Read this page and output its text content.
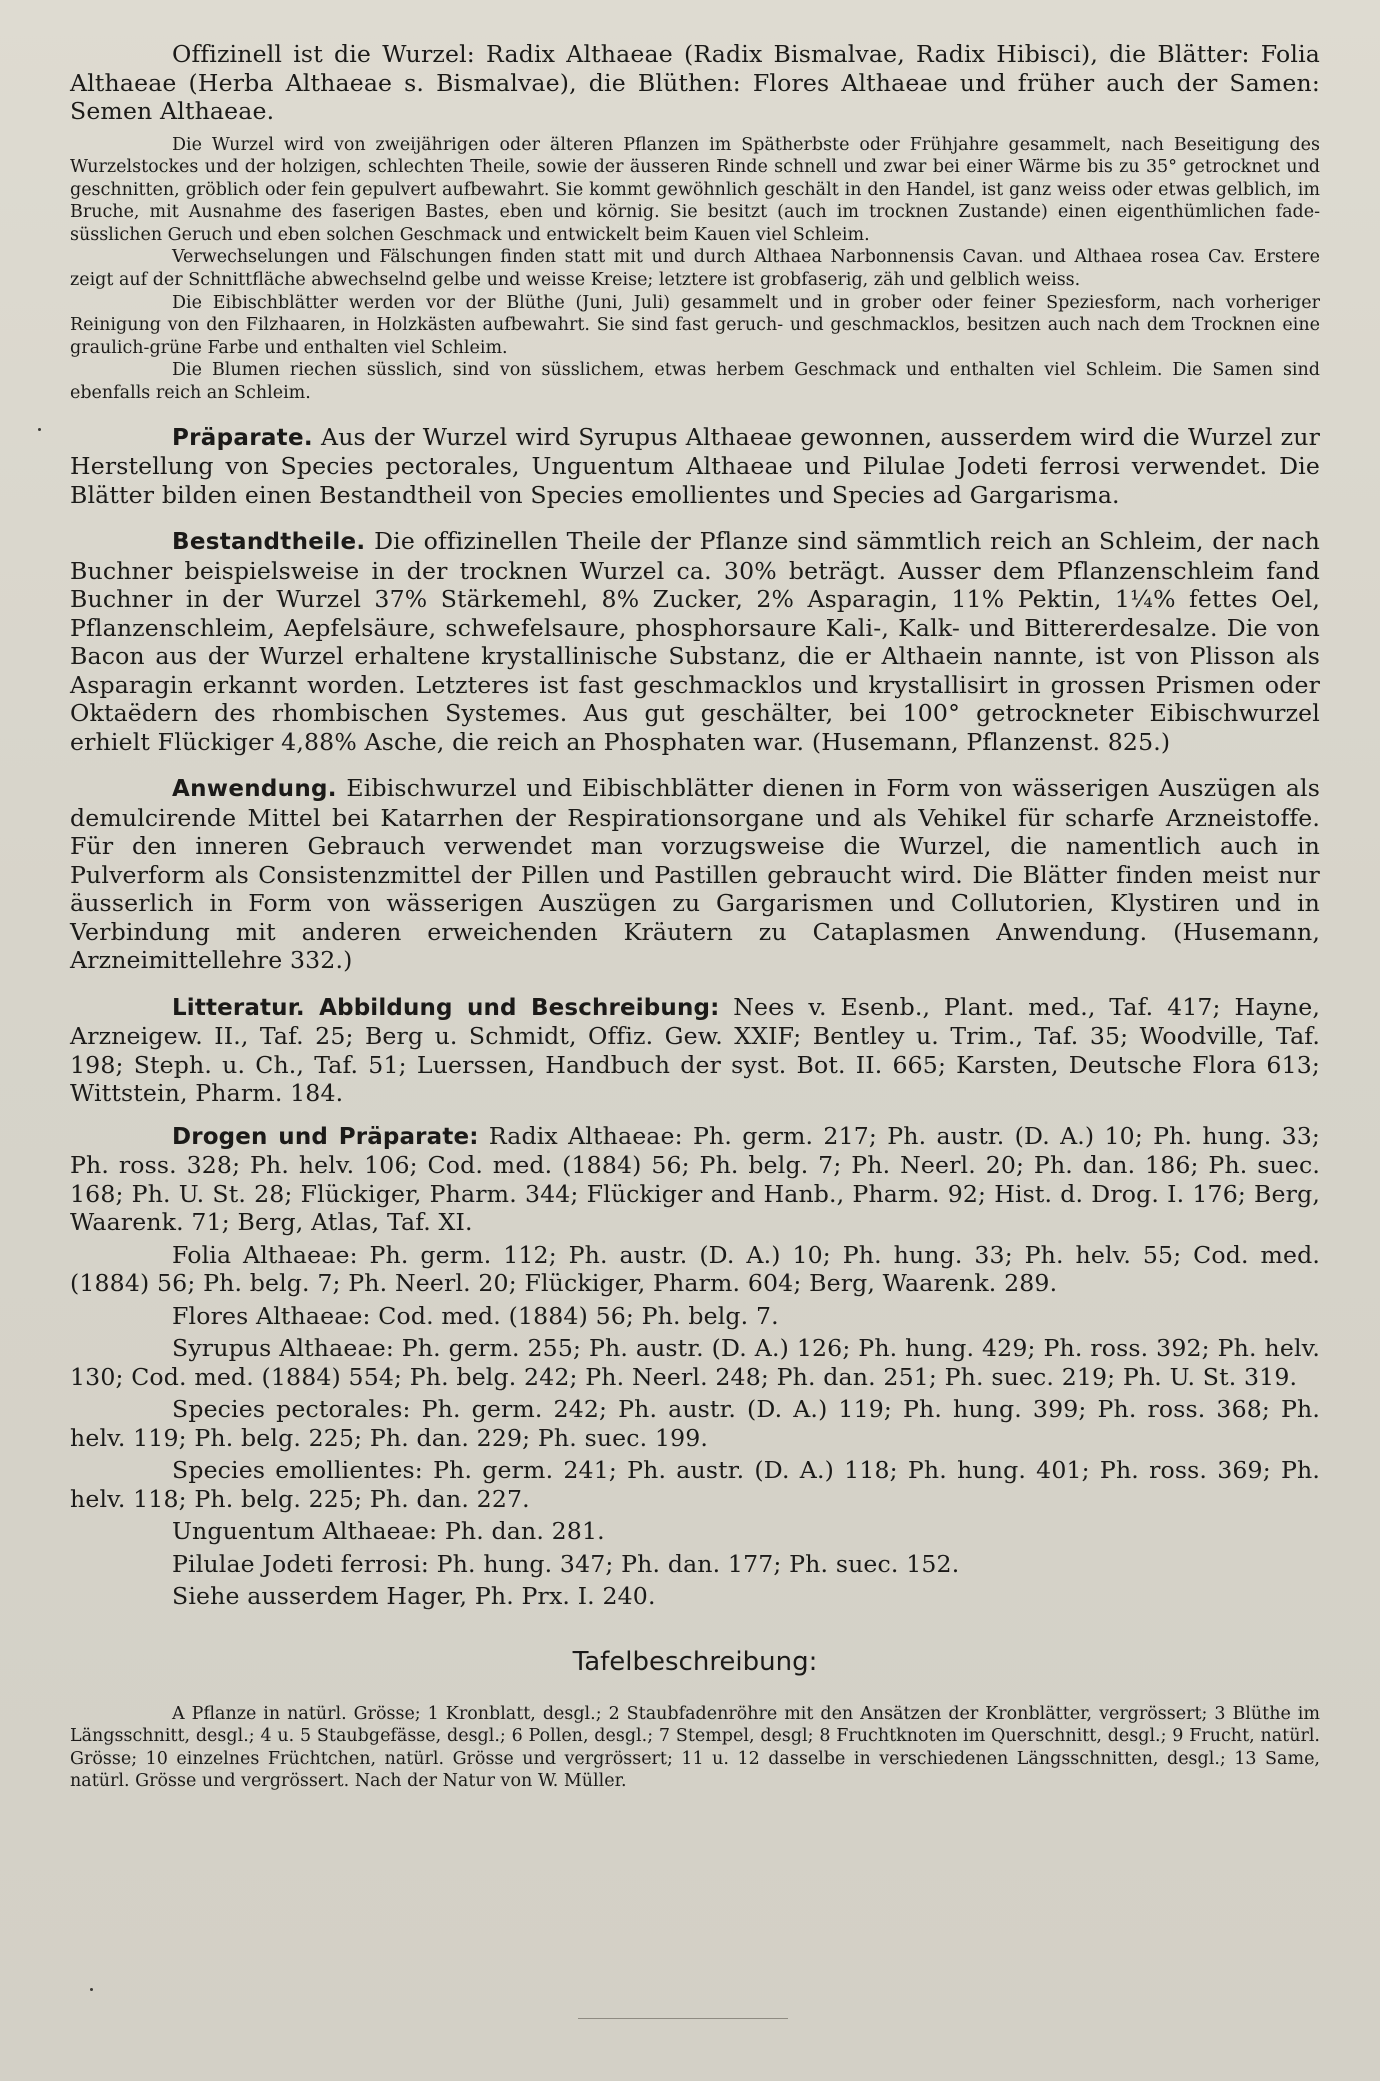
Offizinell ist die Wurzel: Radix Althaeae (Radix Bismalvae, Radix Hibisci), die Blätter: Folia Althaeae (Herba Althaeae s. Bismalvae), die Blüthen: Flores Althaeae und früher auch der Samen: Semen Althaeae.

Die Wurzel wird von zweijährigen oder älteren Pflanzen im Spätherbste oder Frühjahre gesammelt, nach Beseitigung des Wurzelstockes und der holzigen, schlechten Theile, sowie der äusseren Rinde schnell und zwar bei einer Wärme bis zu 35° getrocknet und geschnitten, gröblich oder fein gepulvert aufbewahrt. Sie kommt gewöhnlich geschält in den Handel, ist ganz weiss oder etwas gelblich, im Bruche, mit Ausnahme des faserigen Bastes, eben und körnig. Sie besitzt (auch im trocknen Zustande) einen eigenthümlichen fade-süsslichen Geruch und eben solchen Geschmack und entwickelt beim Kauen viel Schleim.

Verwechselungen und Fälschungen finden statt mit und durch Althaea Narbonnensis Cavan. und Althaea rosea Cav. Erstere zeigt auf der Schnittfläche abwechselnd gelbe und weisse Kreise; letztere ist grobfaserig, zäh und gelblich weiss.

Die Eibischblätter werden vor der Blüthe (Juni, Juli) gesammelt und in grober oder feiner Speziesform, nach vorheriger Reinigung von den Filzhaaren, in Holzkästen aufbewahrt. Sie sind fast geruch- und geschmacklos, besitzen auch nach dem Trocknen eine graulich-grüne Farbe und enthalten viel Schleim.

Die Blumen riechen süsslich, sind von süsslichem, etwas herbem Geschmack und enthalten viel Schleim. Die Samen sind ebenfalls reich an Schleim.

Präparate. Aus der Wurzel wird Syrupus Althaeae gewonnen, ausserdem wird die Wurzel zur Herstellung von Species pectorales, Unguentum Althaeae und Pilulae Jodeti ferrosi verwendet. Die Blätter bilden einen Bestandtheil von Species emollientes und Species ad Gargarisma.

Bestandtheile. Die offizinellen Theile der Pflanze sind sämmtlich reich an Schleim, der nach Buchner beispielsweise in der trocknen Wurzel ca. 30% beträgt. Ausser dem Pflanzenschleim fand Buchner in der Wurzel 37% Stärkemehl, 8% Zucker, 2% Asparagin, 11% Pektin, 1¼% fettes Oel, Pflanzenschleim, Aepfelsäure, schwefelsaure, phosphorsaure Kali-, Kalk- und Bittererdesalze. Die von Bacon aus der Wurzel erhaltene krystallinische Substanz, die er Althaein nannte, ist von Plisson als Asparagin erkannt worden. Letzteres ist fast geschmacklos und krystallisirt in grossen Prismen oder Oktaëdern des rhombischen Systemes. Aus gut geschälter, bei 100° getrockneter Eibischwurzel erhielt Flückiger 4,88% Asche, die reich an Phosphaten war. (Husemann, Pflanzenst. 825.)

Anwendung. Eibischwurzel und Eibischblätter dienen in Form von wässerigen Auszügen als demulcirende Mittel bei Katarrhen der Respirationsorgane und als Vehikel für scharfe Arzneistoffe. Für den inneren Gebrauch verwendet man vorzugsweise die Wurzel, die namentlich auch in Pulverform als Consistenzmittel der Pillen und Pastillen gebraucht wird. Die Blätter finden meist nur äusserlich in Form von wässerigen Auszügen zu Gargarismen und Collutorien, Klystiren und in Verbindung mit anderen erweichenden Kräutern zu Cataplasmen Anwendung. (Husemann, Arzneimittellehre 332.)

Litteratur. Abbildung und Beschreibung: Nees v. Esenb., Plant. med., Taf. 417; Hayne, Arzneigew. II., Taf. 25; Berg u. Schmidt, Offiz. Gew. XXIF; Bentley u. Trim., Taf. 35; Woodville, Taf. 198; Steph. u. Ch., Taf. 51; Luerssen, Handbuch der syst. Bot. II. 665; Karsten, Deutsche Flora 613; Wittstein, Pharm. 184.

Drogen und Präparate: Radix Althaeae: Ph. germ. 217; Ph. austr. (D. A.) 10; Ph. hung. 33; Ph. ross. 328; Ph. helv. 106; Cod. med. (1884) 56; Ph. belg. 7; Ph. Neerl. 20; Ph. dan. 186; Ph. suec. 168; Ph. U. St. 28; Flückiger, Pharm. 344; Flückiger and Hanb., Pharm. 92; Hist. d. Drog. I. 176; Berg, Waarenk. 71; Berg, Atlas, Taf. XI.

Folia Althaeae: Ph. germ. 112; Ph. austr. (D. A.) 10; Ph. hung. 33; Ph. helv. 55; Cod. med. (1884) 56; Ph. belg. 7; Ph. Neerl. 20; Flückiger, Pharm. 604; Berg, Waarenk. 289.

Flores Althaeae: Cod. med. (1884) 56; Ph. belg. 7.

Syrupus Althaeae: Ph. germ. 255; Ph. austr. (D. A.) 126; Ph. hung. 429; Ph. ross. 392; Ph. helv. 130; Cod. med. (1884) 554; Ph. belg. 242; Ph. Neerl. 248; Ph. dan. 251; Ph. suec. 219; Ph. U. St. 319.

Species pectorales: Ph. germ. 242; Ph. austr. (D. A.) 119; Ph. hung. 399; Ph. ross. 368; Ph. helv. 119; Ph. belg. 225; Ph. dan. 229; Ph. suec. 199.

Species emollientes: Ph. germ. 241; Ph. austr. (D. A.) 118; Ph. hung. 401; Ph. ross. 369; Ph. helv. 118; Ph. belg. 225; Ph. dan. 227.

Unguentum Althaeae: Ph. dan. 281.

Pilulae Jodeti ferrosi: Ph. hung. 347; Ph. dan. 177; Ph. suec. 152.

Siehe ausserdem Hager, Ph. Prx. I. 240.

Tafelbeschreibung:

A Pflanze in natürl. Grösse; 1 Kronblatt, desgl.; 2 Staubfadenröhre mit den Ansätzen der Kronblätter, vergrössert; 3 Blüthe im Längsschnitt, desgl.; 4 u. 5 Staubgefässe, desgl.; 6 Pollen, desgl.; 7 Stempel, desgl; 8 Fruchtknoten im Querschnitt, desgl.; 9 Frucht, natürl. Grösse; 10 einzelnes Früchtchen, natürl. Grösse und vergrössert; 11 u. 12 dasselbe in verschiedenen Längsschnitten, desgl.; 13 Same, natürl. Grösse und vergrössert. Nach der Natur von W. Müller.
